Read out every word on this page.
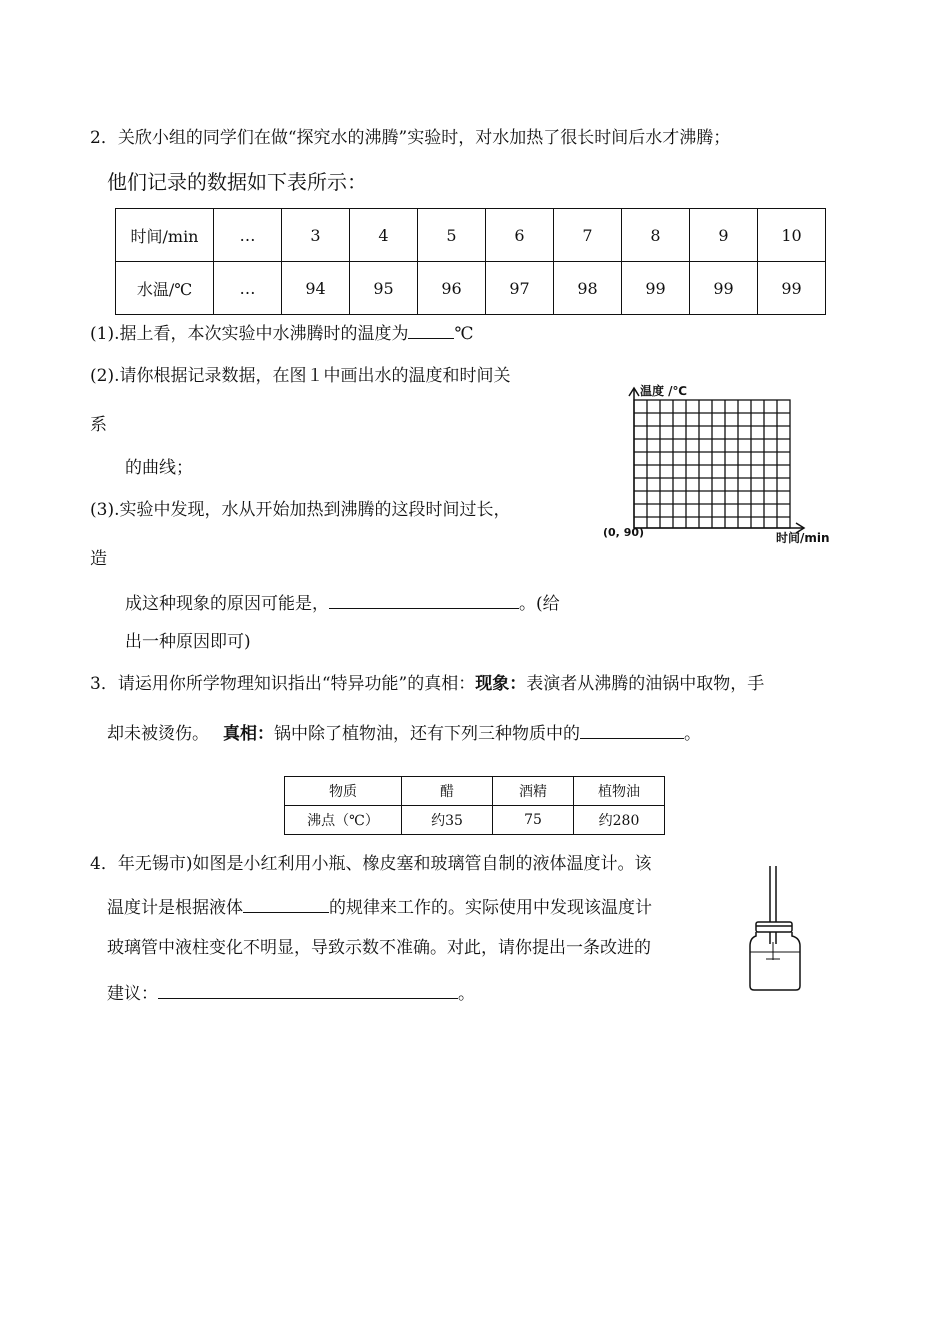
2．关欣小组的同学们在做“探究水的沸腾”实验时，对水加热了很长时间后水才沸腾；
他们记录的数据如下表所示：
时间/min	…	3	4	5	6	7	8	9	10
水温/℃	…	94	95	96	97	98	99	99	99
(1).据上看，本次实验中水沸腾时的温度为	℃
(2).请你根据记录数据，在图１中画出水的温度和时间关
系
的曲线；
(3).实验中发现，水从开始加热到沸腾的这段时间过长，
造
成这种现象的原因可能是，	。(给
出一种原因即可)
温度 /℃
时间/min
(0, 90)
3．请运用你所学物理知识指出“特异功能”的真相：现象：表演者从沸腾的油锅中取物，手
却未被烫伤。 真相：锅中除了植物油，还有下列三种物质中的	。
物质	醋	酒精	植物油
沸点（℃）	约35	75	约280
4．年无锡市)如图是小红利用小瓶、橡皮塞和玻璃管自制的液体温度计。该
温度计是根据液体	的规律来工作的。实际使用中发现该温度计
玻璃管中液柱变化不明显，导致示数不准确。对此，请你提出一条改进的
建议：	。
